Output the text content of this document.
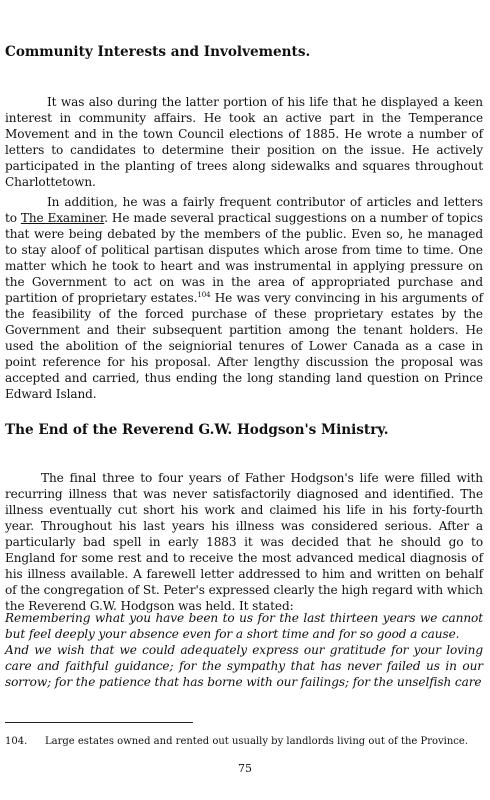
Community Interests and Involvements.

It was also during the latter portion of his life that he displayed a keen interest in community affairs. He took an active part in the Temperance Movement and in the town Council elections of 1885. He wrote a number of letters to candidates to determine their position on the issue. He actively participated in the planting of trees along sidewalks and squares throughout Charlottetown.

In addition, he was a fairly frequent contributor of articles and letters to The Examiner. He made several practical suggestions on a number of topics that were being debated by the members of the public. Even so, he managed to stay aloof of political partisan disputes which arose from time to time. One matter which he took to heart and was instrumental in applying pressure on the Government to act on was in the area of appropriated purchase and partition of proprietary estates.$^{104}$ He was very convincing in his arguments of the feasibility of the forced purchase of these proprietary estates by the Government and their subsequent partition among the tenant holders. He used the abolition of the seigniorial tenures of Lower Canada as a case in point reference for his proposal. After lengthy discussion the proposal was accepted and carried, thus ending the long standing land question on Prince Edward Island.

The End of the Reverend G.W. Hodgson's Ministry.

The final three to four years of Father Hodgson's life were filled with recurring illness that was never satisfactorily diagnosed and identified. The illness eventually cut short his work and claimed his life in his forty-fourth year. Throughout his last years his illness was considered serious. After a particularly bad spell in early 1883 it was decided that he should go to England for some rest and to receive the most advanced medical diagnosis of his illness available. A farewell letter addressed to him and written on behalf of the congregation of St. Peter's expressed clearly the high regard with which the Reverend G.W. Hodgson was held. It stated:

Remembering what you have been to us for the last thirteen years we cannot but feel deeply your absence even for a short time and for so good a cause.

And we wish that we could adequately express our gratitude for your loving care and faithful guidance; for the sympathy that has never failed us in our sorrow; for the patience that has borne with our failings; for the unselfish care

104. Large estates owned and rented out usually by landlords living out of the Province.
75
